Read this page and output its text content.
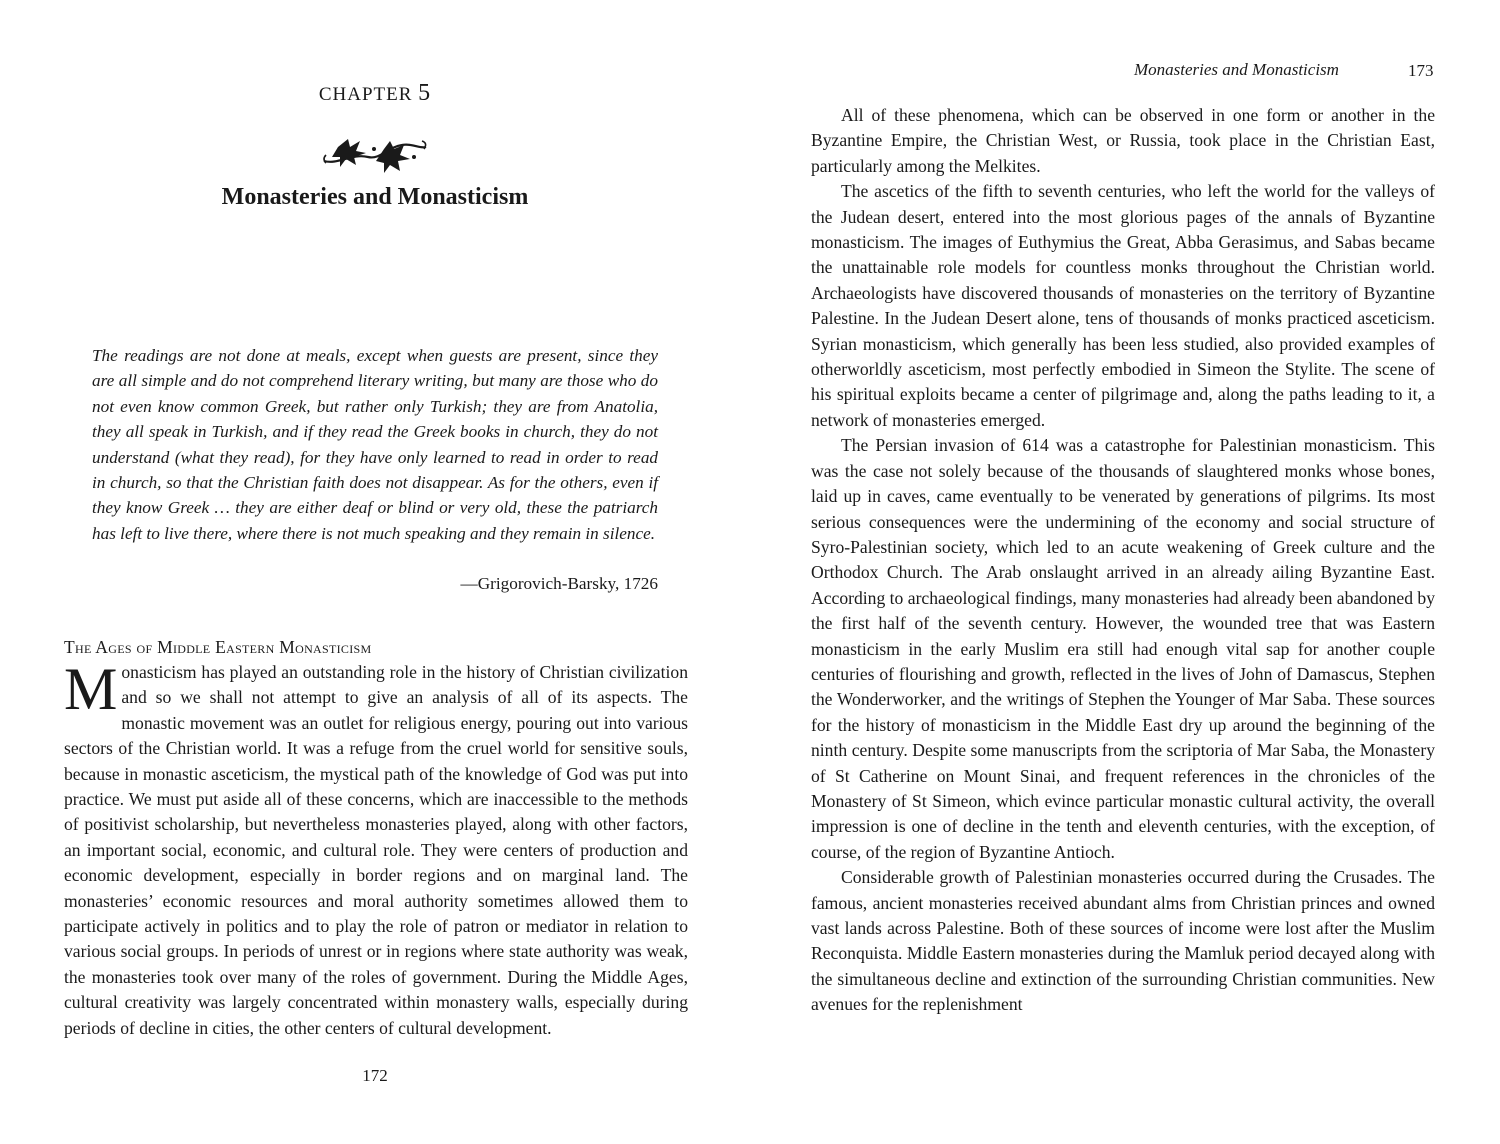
CHAPTER 5
Monasteries and Monasticism
The readings are not done at meals, except when guests are present, since they are all simple and do not comprehend literary writing, but many are those who do not even know common Greek, but rather only Turkish; they are from Anatolia, they all speak in Turkish, and if they read the Greek books in church, they do not understand (what they read), for they have only learned to read in order to read in church, so that the Christian faith does not disappear. As for the others, even if they know Greek … they are either deaf or blind or very old, these the patriarch has left to live there, where there is not much speaking and they remain in silence.
—Grigorovich-Barsky, 1726
The Ages of Middle Eastern Monasticism

Monasticism has played an outstanding role in the history of Christian civilization and so we shall not attempt to give an analysis of all of its aspects. The monastic movement was an outlet for religious energy, pouring out into various sectors of the Christian world. It was a refuge from the cruel world for sensitive souls, because in monastic asceticism, the mystical path of the knowledge of God was put into practice. We must put aside all of these concerns, which are inaccessible to the methods of positivist scholarship, but nevertheless monasteries played, along with other factors, an important social, economic, and cultural role. They were centers of production and economic development, especially in border regions and on marginal land. The monasteries’ economic resources and moral authority sometimes allowed them to participate actively in politics and to play the role of patron or mediator in relation to various social groups. In periods of unrest or in regions where state authority was weak, the monasteries took over many of the roles of government. During the Middle Ages, cultural creativity was largely concentrated within monastery walls, especially during periods of decline in cities, the other centers of cultural development.

172
Monasteries and Monasticism	173

All of these phenomena, which can be observed in one form or another in the Byzantine Empire, the Christian West, or Russia, took place in the Christian East, particularly among the Melkites.

The ascetics of the fifth to seventh centuries, who left the world for the valleys of the Judean desert, entered into the most glorious pages of the annals of Byzantine monasticism. The images of Euthymius the Great, Abba Gerasimus, and Sabas became the unattainable role models for countless monks throughout the Christian world. Archaeologists have discovered thousands of monasteries on the territory of Byzantine Palestine. In the Judean Desert alone, tens of thousands of monks practiced asceticism. Syrian monasticism, which generally has been less studied, also provided examples of otherworldly asceticism, most perfectly embodied in Simeon the Stylite. The scene of his spiritual exploits became a center of pilgrimage and, along the paths leading to it, a network of monasteries emerged.

The Persian invasion of 614 was a catastrophe for Palestinian monasticism. This was the case not solely because of the thousands of slaughtered monks whose bones, laid up in caves, came eventually to be venerated by generations of pilgrims. Its most serious consequences were the undermining of the economy and social structure of Syro-Palestinian society, which led to an acute weakening of Greek culture and the Orthodox Church. The Arab onslaught arrived in an already ailing Byzantine East. According to archaeological findings, many monasteries had already been abandoned by the first half of the seventh century. However, the wounded tree that was Eastern monasticism in the early Muslim era still had enough vital sap for another couple centuries of flourishing and growth, reflected in the lives of John of Damascus, Stephen the Wonderworker, and the writings of Stephen the Younger of Mar Saba. These sources for the history of monasticism in the Middle East dry up around the beginning of the ninth century. Despite some manuscripts from the scriptoria of Mar Saba, the Monastery of St Catherine on Mount Sinai, and frequent references in the chronicles of the Monastery of St Simeon, which evince particular monastic cultural activity, the overall impression is one of decline in the tenth and eleventh centuries, with the exception, of course, of the region of Byzantine Antioch.

Considerable growth of Palestinian monasteries occurred during the Crusades. The famous, ancient monasteries received abundant alms from Christian princes and owned vast lands across Palestine. Both of these sources of income were lost after the Muslim Reconquista. Middle Eastern monasteries during the Mamluk period decayed along with the simultaneous decline and extinction of the surrounding Christian communities. New avenues for the replenishment
